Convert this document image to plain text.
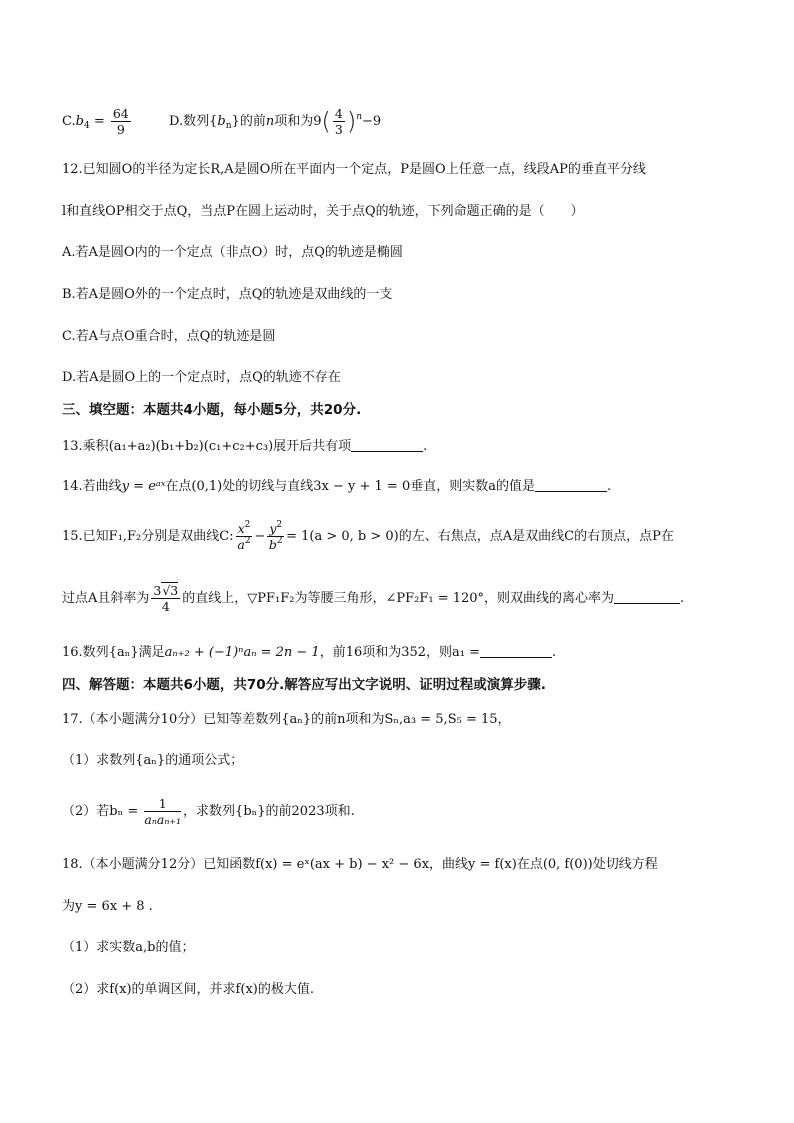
$C.b_4 = \frac{64}{9}$	D.数列$\{b_n\}$的前n项和为$9( \frac{4}{3} )^n-9$
12.已知圆O的半径为定长R,A是圆O所在平面内一个定点，P是圆O上任意一点，线段AP的垂直平分线
l和直线OP相交于点Q，当点P在圆上运动时，关于点Q的轨迹，下列命题正确的是（　　）
A.若A是圆O内的一个定点（非点O）时，点Q的轨迹是椭圆
B.若A是圆O外的一个定点时，点Q的轨迹是双曲线的一支
C.若A与点O重合时，点Q的轨迹是圆
D.若A是圆O上的一个定点时，点Q的轨迹不存在
三、填空题：本题共4小题，每小题5分，共20分.
13.乘积(a₁+a₂)(b₁+b₂)(c₁+c₂+c₃)展开后共有项	.
14.若曲线y = eᵃˣ在点(0,1)处的切线与直线3x − y + 1 = 0垂直，则实数a的值是	.
15.已知F₁,F₂分别是双曲线C: $\frac{x^2}{a^2} - \frac{y^2}{b^2} = 1(a > 0$, b > 0)的左、右焦点，点A是双曲线C的右顶点，点P在
过点A且斜率为 $\frac{3√3}{4}$ 的直线上，▽PF₁F₂为等腰三角形，∠PF₂F₁ = 120°，则双曲线的离心率为	.
16.数列{aₙ}满足aₙ₊₂ + (−1)ⁿaₙ = 2n − 1，前16项和为352，则a₁ =	.
四、解答题：本题共6小题，共70分.解答应写出文字说明、证明过程或演算步骤.
17.（本小题满分10分）已知等差数列{aₙ}的前n项和为Sₙ,a₃ = 5,S₅ = 15，
（1）求数列{aₙ}的通项公式；
（2）若$b_n = \frac{1}{\text{aₙaₙ₊₁}}$ ，求数列{bₙ}的前2023项和.
18.（本小题满分12分）已知函数f(x) = eˣ(ax + b) − x² − 6x，曲线y = f(x)在点(0, f(0))处切线方程
为y = 6x + 8 .
（1）求实数a,b的值；
（2）求f(x)的单调区间，并求f(x)的极大值.
